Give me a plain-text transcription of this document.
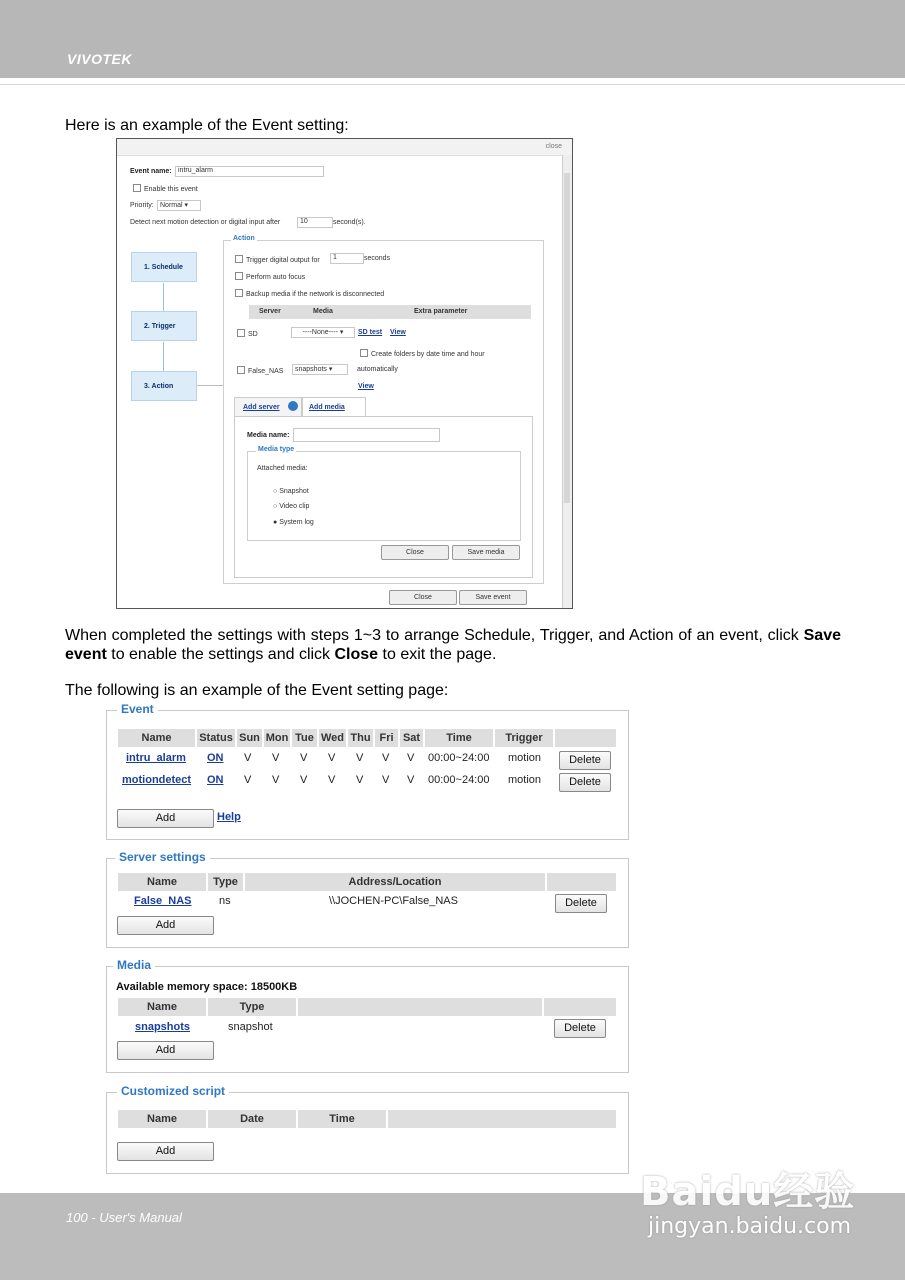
VIVOTEK
Here is an example of the Event setting:
close
Event name: intru_alarm
Enable this event
Priority: Normal ▾
Detect next motion detection or digital input after	10	second(s).
1. Schedule
2. Trigger
3. Action
Action
Trigger digital output for	1	seconds
Perform auto focus
Backup media if the network is disconnected
Server	Media	Extra parameter
SD	----None---- ▾	SD test View
Create folders by date time and hour
False_NAS	snapshots ▾	automatically
View
Add server	Add media
Media name:
Media type
Attached media:
○ Snapshot
○ Video clip
● System log
Close	Save media
Close	Save event
When completed the settings with steps 1~3 to arrange Schedule, Trigger, and Action of an event, click Save event to enable the settings and click Close to exit the page.
The following is an example of the Event setting page:
Event
Name	Status Sun Mon Tue Wed Thu Fri Sat	Time	Trigger
intru_alarm ON V V V V V V V 00:00~24:00 motion	Delete
motiondetect ON V V V V V V V 00:00~24:00 motion	Delete
Add	Help
Server settings
Name	Type	Address/Location
False_NAS	ns	\\JOCHEN-PC\False_NAS	Delete
Add
Media
Available memory space: 18500KB
Name	Type
snapshots	snapshot	Delete
Add
Customized script
Name	Date	Time
Add
100 - User's Manual
Baidu经验
jingyan.baidu.com
